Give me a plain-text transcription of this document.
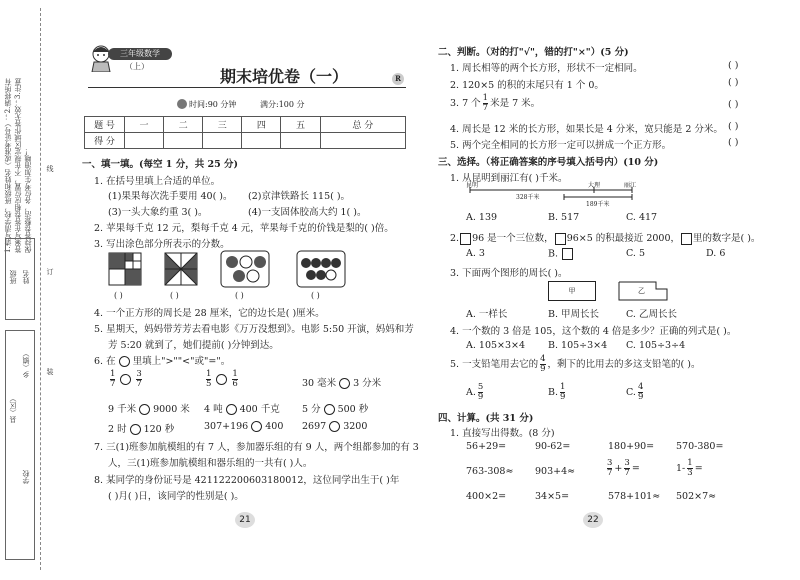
1.请写清学校，班级和姓名（或准考证号）；2.请将所有答案写在答卷相应位置，不在规定区域作答无效；3.注意保持答卷整洁，各位考生加油哦！	线
订
装
班级 姓名
县（区）
乡（镇）
学校
三年级数学
（上）
期末培优卷（一）	R
时间:90 分钟	满分:100 分
题 号	一	二	三	四	五	总 分
得 分						
一、填一填。(每空 1 分，共 25 分)
1. 在括号里填上合适的单位。
(1)果果每次洗手要用 40( )。 (2)京津铁路长 115( )。
(3)一头大象约重 3( )。	(4)一支固体胶高大约 1( )。
2. 苹果每千克 12 元，梨每千克 4 元，苹果每千克的价钱是梨的( )倍。
3. 写出涂色部分所表示的分数。
( )	( )	( )	( )
4. 一个正方形的周长是 28 厘米，它的边长是( )厘米。
5. 星期天，妈妈带芳芳去看电影《万万没想到》。电影 5:50 开演，妈妈和芳
芳 5:20 就到了，她们提前( )分钟到达。
6. 在 里填上">""<"或"="。
$\frac{1}{7} \frac{3}{7}$	$\frac{1}{5} \frac{1}{6}$	30 毫米 3 分米
9 千米 9000 米 4 吨 400 千克 5 分 500 秒
2 时 120 秒	307+196 400 2697 3200
7. 三(1)班参加航模组的有 7 人，参加器乐组的有 9 人，两个组都参加的有 3
人，三(1)班参加航模组和器乐组的一共有( )人。
8. 某同学的身份证号是 421122200603180012，这位同学出生于( )年
( )月( )日，该同学的性别是( )。
21
二、判断。（对的打"√"，错的打"×"）(5 分)
1. 周长相等的两个长方形，形状不一定相同。
2. 120×5 的积的末尾只有 1 个 0。
3. 7 个 $\frac{1}{7}$ 米是 7 米。
4. 周长是 12 米的长方形，如果长是 4 分米，宽只能是 2 分米。
5. 两个完全相同的长方形一定可以拼成一个正方形。
( )
( )
( )
( )
( )
三、选择。（将正确答案的序号填入括号内）(10 分)
1. 从昆明到丽江有( )千米。
昆明	大理	丽江
328千米
189千米
A. 139	B. 517	C. 417
2. 96 是一个三位数， 96×5 的积最接近 2000， 里的数字是( )。
A. 3	B.	C. 5	D. 6
3. 下面两个图形的周长( )。
甲	乙
A. 一样长	B. 甲周长长	C. 乙周长长
4. 一个数的 3 倍是 105，这个数的 4 倍是多少？正确的列式是( )。
A. 105×3×4 B. 105÷3×4 C. 105÷3÷4
5. 一支铅笔用去它的 $\frac{4}{9}$ ，剩下的比用去的多这支铅笔的( )。
A. $\frac{5}{9}$	B. $\frac{1}{9}$	C. $\frac{4}{9}$
四、计算。(共 31 分)
1. 直接写出得数。(8 分)
56+29=	90-62=	180+90= 570-380=
763-308≈ 903+4≈	$\frac{3}{7} + \frac{3}{7}$ =	$1- \frac{1}{3}$ =
400×2=	34×5=	578+101≈ 502×7≈
22
